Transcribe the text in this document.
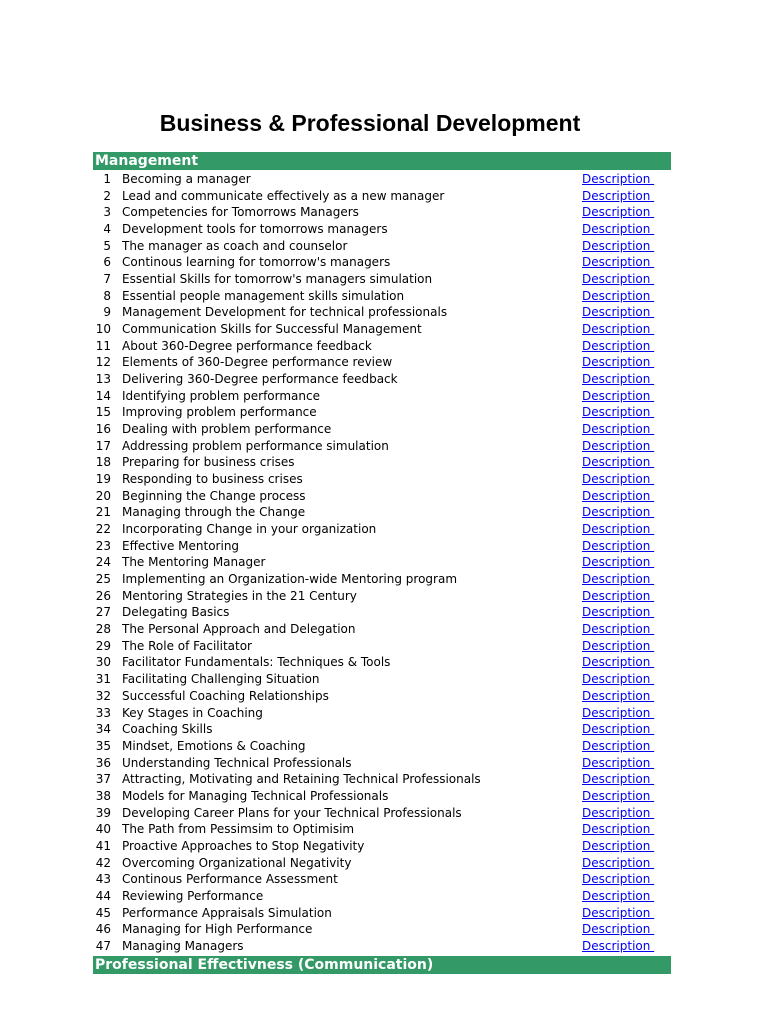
Business & Professional Development
Management
1 Becoming a manager	Description
2 Lead and communicate effectively as a new manager	Description
3 Competencies for Tomorrows Managers	Description
4 Development tools for tomorrows managers	Description
5 The manager as coach and counselor	Description
6 Continous learning for tomorrow's managers	Description
7 Essential Skills for tomorrow's managers simulation	Description
8 Essential people management skills simulation	Description
9 Management Development for technical professionals	Description
10 Communication Skills for Successful Management	Description
11 About 360-Degree performance feedback	Description
12 Elements of 360-Degree performance review	Description
13 Delivering 360-Degree performance feedback	Description
14 Identifying problem performance	Description
15 Improving problem performance	Description
16 Dealing with problem performance	Description
17 Addressing problem performance simulation	Description
18 Preparing for business crises	Description
19 Responding to business crises	Description
20 Beginning the Change process	Description
21 Managing through the Change	Description
22 Incorporating Change in your organization	Description
23 Effective Mentoring	Description
24 The Mentoring Manager	Description
25 Implementing an Organization-wide Mentoring program	Description
26 Mentoring Strategies in the 21 Century	Description
27 Delegating Basics	Description
28 The Personal Approach and Delegation	Description
29 The Role of Facilitator	Description
30 Facilitator Fundamentals: Techniques & Tools	Description
31 Facilitating Challenging Situation	Description
32 Successful Coaching Relationships	Description
33 Key Stages in Coaching	Description
34 Coaching Skills	Description
35 Mindset, Emotions & Coaching	Description
36 Understanding Technical Professionals	Description
37 Attracting, Motivating and Retaining Technical Professionals	Description
38 Models for Managing Technical Professionals	Description
39 Developing Career Plans for your Technical Professionals	Description
40 The Path from Pessimsim to Optimisim	Description
41 Proactive Approaches to Stop Negativity	Description
42 Overcoming Organizational Negativity	Description
43 Continous Performance Assessment	Description
44 Reviewing Performance	Description
45 Performance Appraisals Simulation	Description
46 Managing for High Performance	Description
47 Managing Managers	Description
Professional Effectivness (Communication)
